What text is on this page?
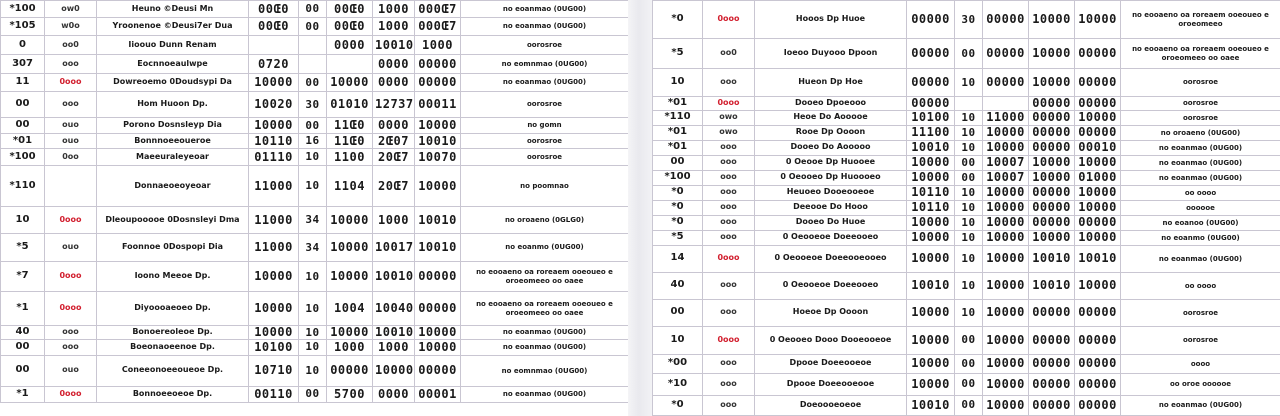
*100	ow0	Heuno ©Deusi Mn	00Œ0	00	00Œ0	1000	000Œ7	no eoanmao (0UG00)
*105	w0o	Yroonenoe ©Deusi7er Dua	00Œ0	00	00Œ0	1000	000Œ7	no eoanmao (0UG00)
0	oo0	Iioouo Dunn Renam			0000	10010	1000	oorosroe
307	ooo	Eocnnoeaulwpe	0720			0000	00000	no eomnmao (0UG00)
11	0ooo	Dowreoemo 0Doudsypi Da	10000	00	10000	0000	00000	no eoanmao (0UG00)
00	ooo	Hom Huoon Dp.	10020	30	01010	12737	00011	oorosroe
00	ouo	Porono Dosnsleyp Dia	10000	00	11Œ0	0000	10000	no gomn
*01	ouo	Bonnnoeeoueroe	10110	16	11Œ0	2Œ07	10010	oorosroe
*100	0oo	Maeeuraleyeoar	01110	10	1100	20Œ7	10070	oorosroe
*110		Donnaeoeoyeoar	11000	10	1104	20Œ7	10000	no poomnao
10	0ooo	Dleoupooooe 0Dosnsleyi Dma	11000	34	10000	1000	10010	no oroaeno (0GLG0)
*5	ouo	Foonnoe 0Dospopi Dia	11000	34	10000	10017	10010	no eoanmo (0UG00)
*7	0ooo	Ioono Meeoe Dp.	10000	10	10000	10010	00000	no eooaeno oa roreaem ooeoueo e oroeomeeo oo oaee
*1	0ooo	Diyoooaeoeo Dp.	10000	10	1004	10040	00000	no eooaeno oa roreaem ooeoueo e oroeomeeo oo oaee
40	ooo	Bonoereoleoe Dp.	10000	10	10000	10010	10000	no eoanmao (0UG00)
00	ooo	Boeonaoeenoe Dp.	10100	10	1000	1000	10000	no eoanmao (0UG00)
00	ouo	Coneeonoeeoueoe Dp.	10710	10	00000	10000	00000	no eomnmao (0UG00)
*1	0ooo	Bonnoeeoeoe Dp.	00110	00	5700	0000	00001	no eoanmao (0UG00)
*0	0ooo	Hooos Dp Huoe	00000	30	00000	10000	10000	no eooaeno oa roreaem ooeoueo e oroeomeeo
*5	oo0	Ioeoo Duyooo Dpoon	00000	00	00000	10000	00000	no eooaeno oa roreaem ooeoueo e oroeomeeo oo oaee
10	ooo	Hueon Dp Hoe	00000	10	00000	10000	00000	oorosroe
*01	0ooo	Dooeo Dpoeooo	00000			00000	00000	oorosroe
*110	owo	Heoe Do Aooooe	10100	10	11000	00000	10000	oorosroe
*01	owo	Rooe Dp Oooon	11100	10	10000	00000	00000	no oroaeno (0UG00)
*01	ooo	Dooeo Do Aooooo	10010	10	10000	00000	00010	no eoanmao (0UG00)
00	ooo	0 Oeooe Dp Huooee	10000	00	10007	10000	10000	no eoanmao (0UG00)
*100	ooo	0 Oeooeo Dp Huoooeo	10000	00	10007	10000	01000	no eoanmao (0UG00)
*0	ooo	Heuoeo Dooeooeoe	10110	10	10000	00000	10000	oo oooo
*0	ooo	Deeooe Do Hooo	10110	10	10000	00000	10000	oooooe
*0	ooo	Dooeo Do Huoe	10000	10	10000	00000	00000	no eoanoo (0UG00)
*5	ooo	0 Oeooeoe Doeeooeo	10000	10	10000	10000	10000	no eoanmo (0UG00)
14	0ooo	0 Oeooeoe Doeeooeooeo	10000	10	10000	10010	10010	no eoanmao (0UG00)
40	ooo	0 Oeooeoe Doeeooeo	10010	10	10000	10010	10000	oo oooo
00	ooo	Hoeoe Dp Oooon	10000	10	10000	00000	00000	oorosroe
10	0ooo	0 Oeooeo Dooo Dooeooeoe	10000	00	10000	00000	00000	oorosroe
*00	ooo	Dpooe Doeeooeoe	10000	00	10000	00000	00000	oooo
*10	ooo	Dpooe Doeeooeooe	10000	00	10000	00000	00000	oo oroe oooooe
*0	ooo	Doeoooeoeoe	10010	00	10000	00000	00000	no eoanmao (0UG00)
